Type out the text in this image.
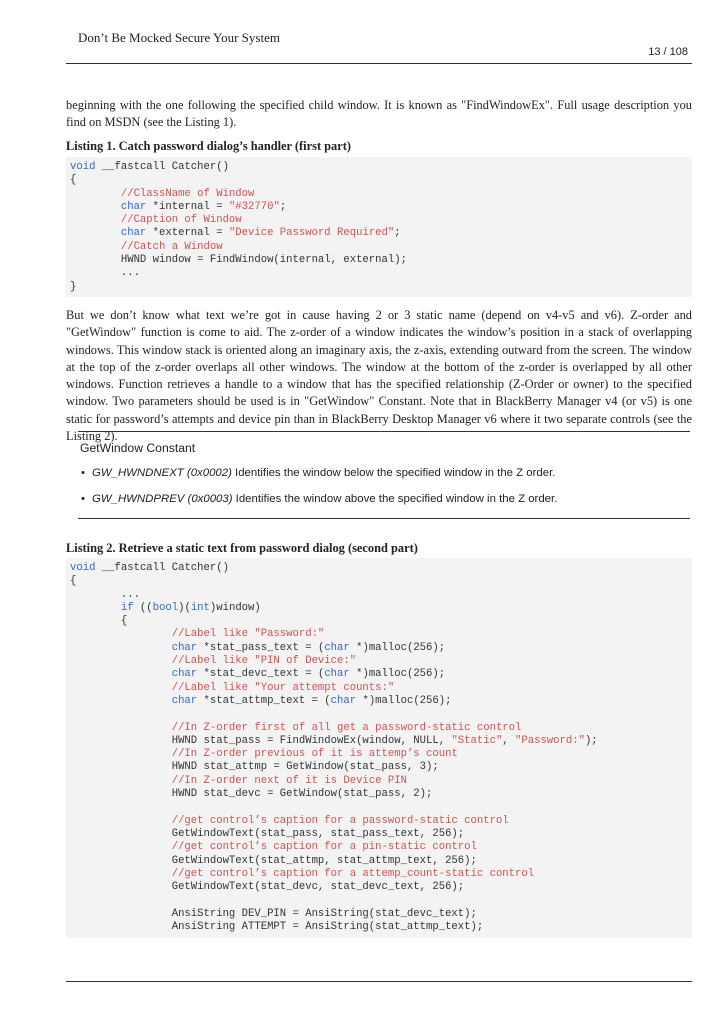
Don’t Be Mocked Secure Your System
13 / 108

beginning with the one following the specified child window. It is known as "FindWindowEx". Full usage description you find on MSDN (see the Listing 1).

Listing 1. Catch password dialog’s handler (first part)

void __fastcall Catcher()
{
//ClassName of Window
char *internal = "#32770";
//Caption of Window
char *external = "Device Password Required";
//Catch a Window
HWND window = FindWindow(internal, external);
...
}

But we don’t know what text we’re got in cause having 2 or 3 static name (depend on v4-v5 and v6). Z-order and "GetWindow" function is come to aid. The z-order of a window indicates the window’s position in a stack of overlapping windows. This window stack is oriented along an imaginary axis, the z-axis, extending outward from the screen. The window at the top of the z-order overlaps all other windows. The window at the bottom of the z-order is overlapped by all other windows. Function retrieves a handle to a window that has the specified relationship (Z-Order or owner) to the specified window. Two parameters should be used is in "GetWindow" Constant. Note that in BlackBerry Manager v4 (or v5) is one static for password’s attempts and device pin than in BlackBerry Desktop Manager v6 where it two separate controls (see the Listing 2).

GetWindow Constant
• GW_HWNDNEXT (0x0002) Identifies the window below the specified window in the Z order.
• GW_HWNDPREV (0x0003) Identifies the window above the specified window in the Z order.

Listing 2. Retrieve a static text from password dialog (second part)

void __fastcall Catcher()
{
...
if ((bool)(int)window)
{
//Label like "Password:"
char *stat_pass_text = (char *)malloc(256);
//Label like "PIN of Device:"
char *stat_devc_text = (char *)malloc(256);
//Label like "Your attempt counts:"
char *stat_attmp_text = (char *)malloc(256);
//In Z-order first of all get a password-static control
HWND stat_pass = FindWindowEx(window, NULL, "Static", "Password:");
//In Z-order previous of it is attemp’s count
HWND stat_attmp = GetWindow(stat_pass, 3);
//In Z-order next of it is Device PIN
HWND stat_devc = GetWindow(stat_pass, 2);
//get control’s caption for a password-static control
GetWindowText(stat_pass, stat_pass_text, 256);
//get control’s caption for a pin-static control
GetWindowText(stat_attmp, stat_attmp_text, 256);
//get control’s caption for a attemp_count-static control
GetWindowText(stat_devc, stat_devc_text, 256);
AnsiString DEV_PIN = AnsiString(stat_devc_text);
AnsiString ATTEMPT = AnsiString(stat_attmp_text);
